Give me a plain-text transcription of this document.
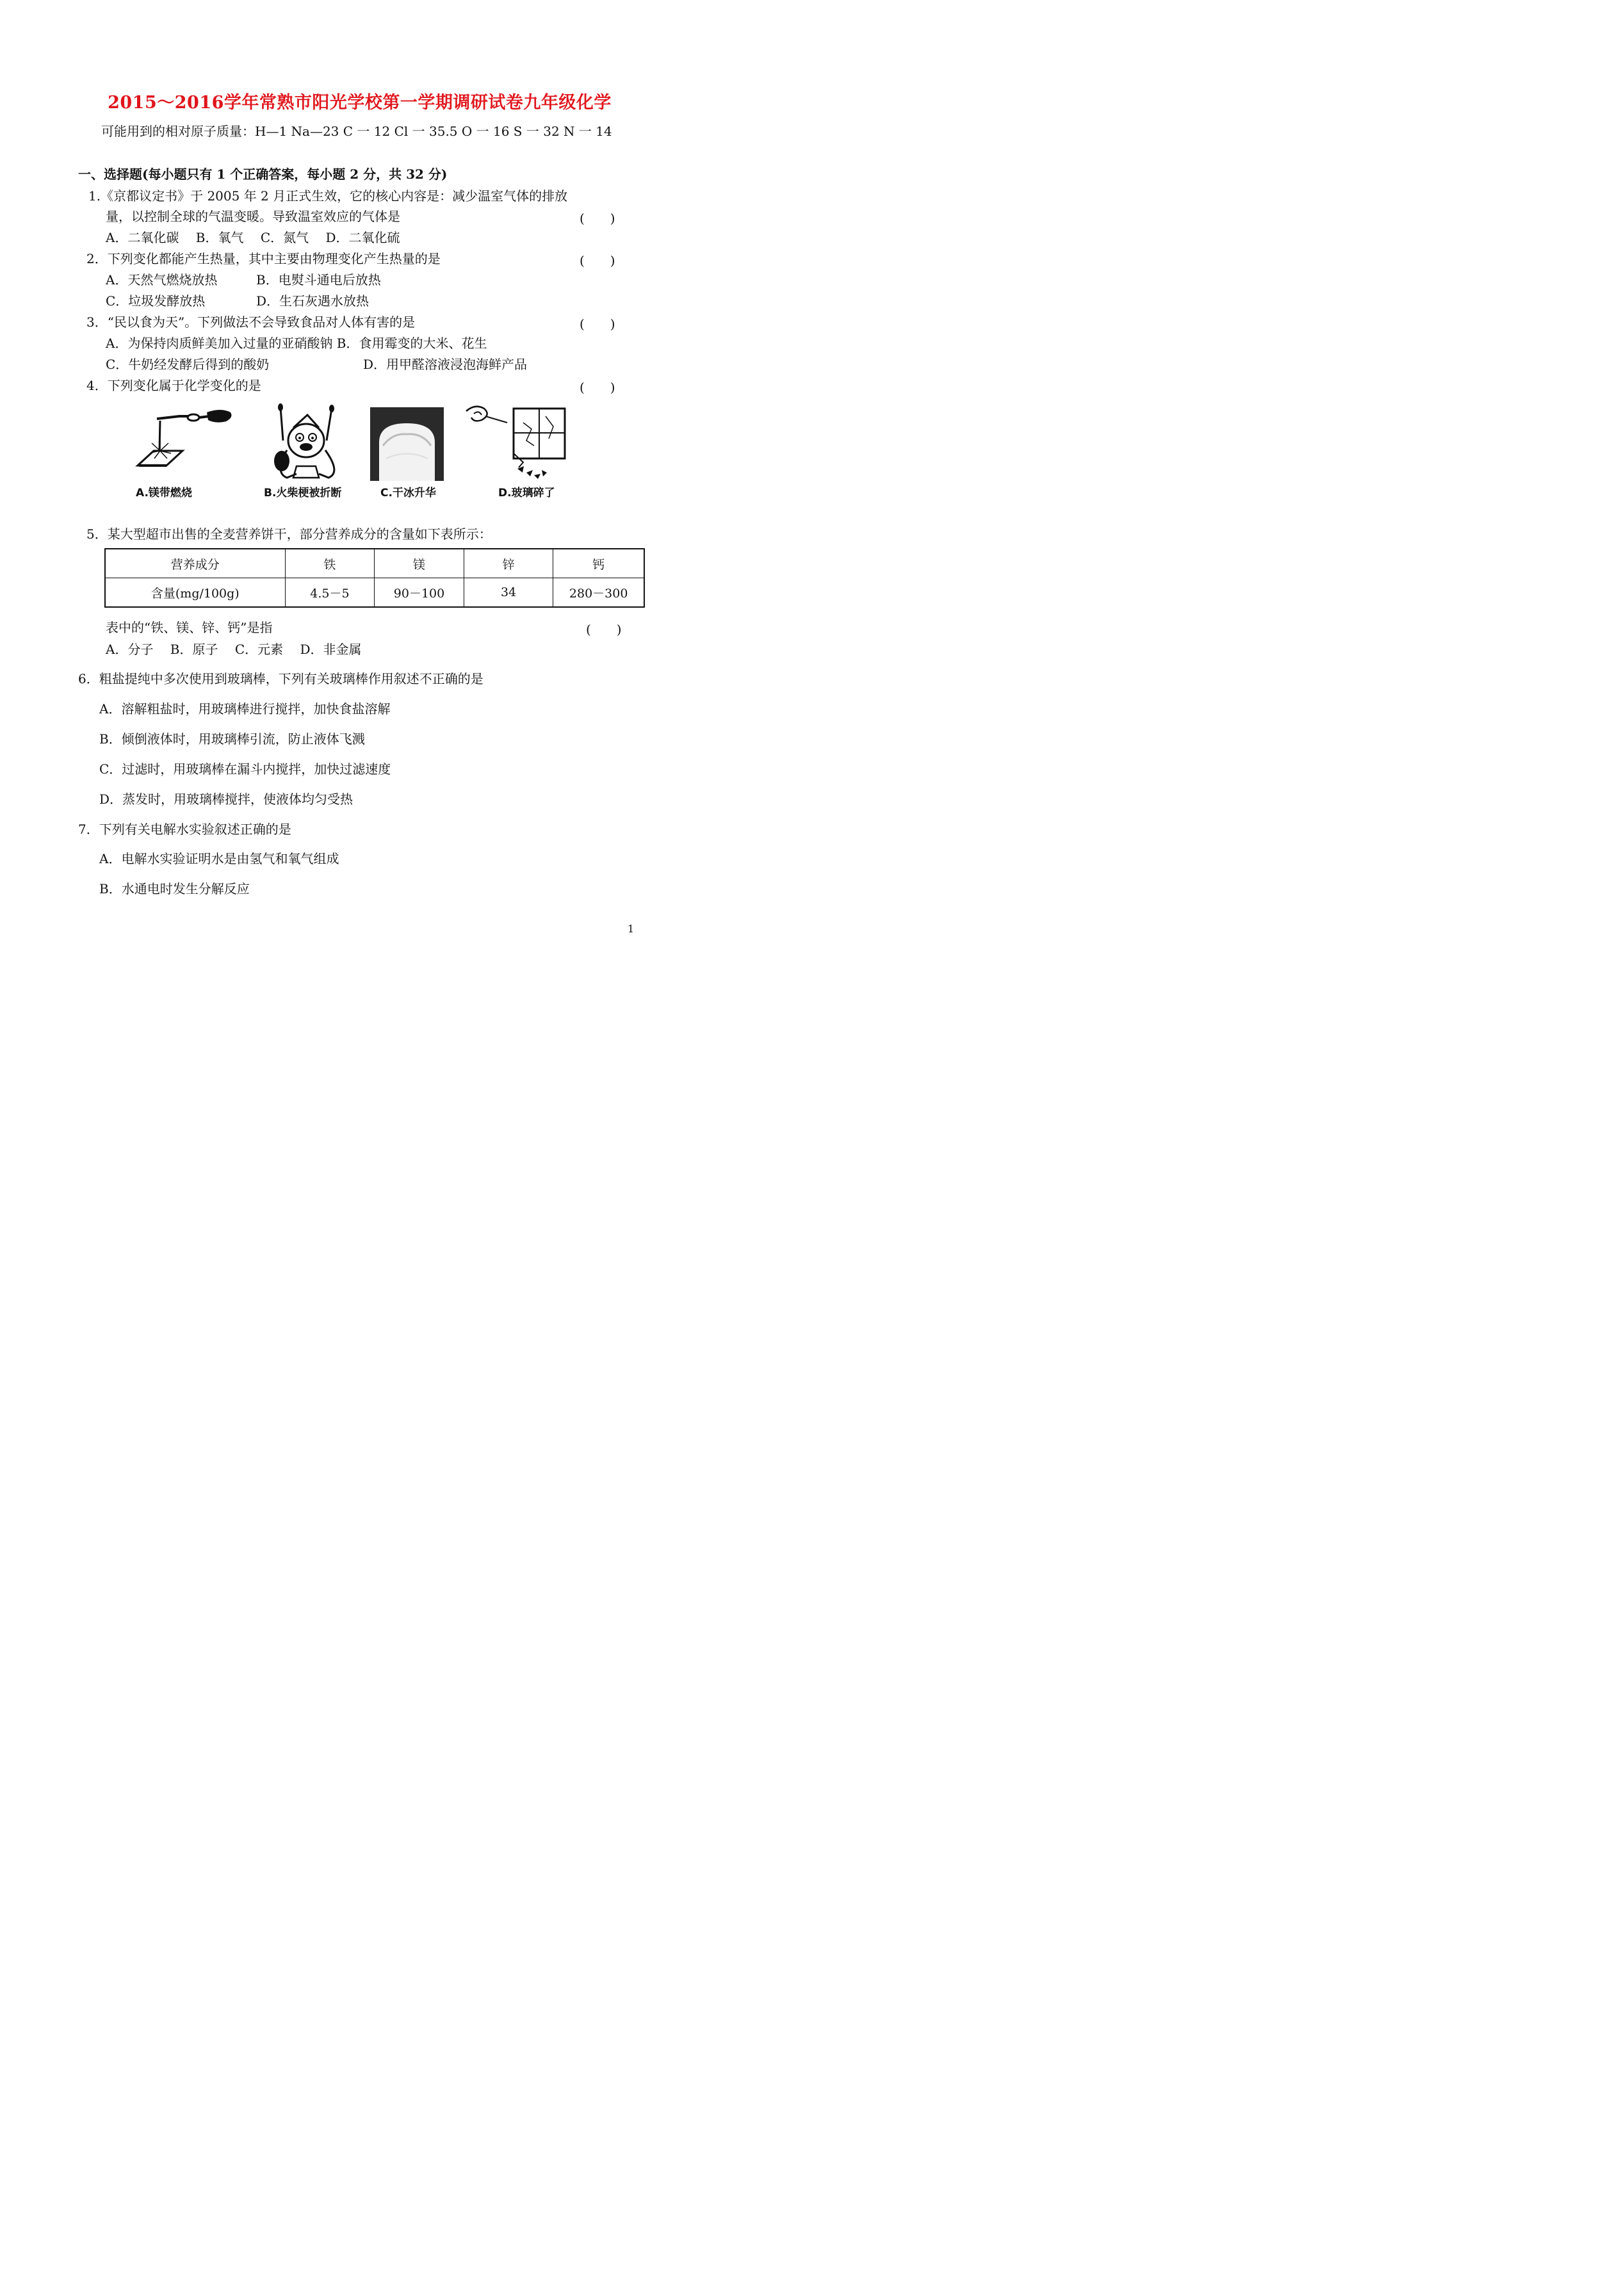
2015～2016学年常熟市阳光学校第一学期调研试卷九年级化学
可能用到的相对原子质量：H—1 Na—23 C 一 12 Cl 一 35.5 O 一 16 S 一 32 N 一 14
一、选择题(每小题只有 1 个正确答案，每小题 2 分，共 32 分)
1.《京都议定书》于 2005 年 2 月正式生效，它的核心内容是：减少温室气体的排放
量，以控制全球的气温变暖。导致温室效应的气体是	(　　)
A．二氧化碳　 B．氧气　 C．氮气　 D．二氧化硫
2．下列变化都能产生热量，其中主要由物理变化产生热量的是	(　　)
A．天然气燃烧放热	B．电熨斗通电后放热
C．垃圾发酵放热	D．生石灰遇水放热
3．“民以食为天”。下列做法不会导致食品对人体有害的是	(　　)
A．为保持肉质鲜美加入过量的亚硝酸钠 B．食用霉变的大米、花生
C．牛奶经发酵后得到的酸奶	D．用甲醛溶液浸泡海鲜产品
4．下列变化属于化学变化的是	(　　)
A.镁带燃烧	B.火柴梗被折断	C.干冰升华	D.玻璃碎了
5．某大型超市出售的全麦营养饼干，部分营养成分的含量如下表所示：
营养成分	铁	镁	锌	钙
含量(mg/100g)	4.5－5	90－100	34	280－300
表中的“铁、镁、锌、钙”是指	(　　)
A．分子　 B．原子　 C．元素　 D．非金属
6．粗盐提纯中多次使用到玻璃棒，下列有关玻璃棒作用叙述不正确的是
A．溶解粗盐时，用玻璃棒进行搅拌，加快食盐溶解
B．倾倒液体时，用玻璃棒引流，防止液体飞溅
C．过滤时，用玻璃棒在漏斗内搅拌，加快过滤速度
D．蒸发时，用玻璃棒搅拌，使液体均匀受热
7．下列有关电解水实验叙述正确的是
A．电解水实验证明水是由氢气和氧气组成
B．水通电时发生分解反应
1
